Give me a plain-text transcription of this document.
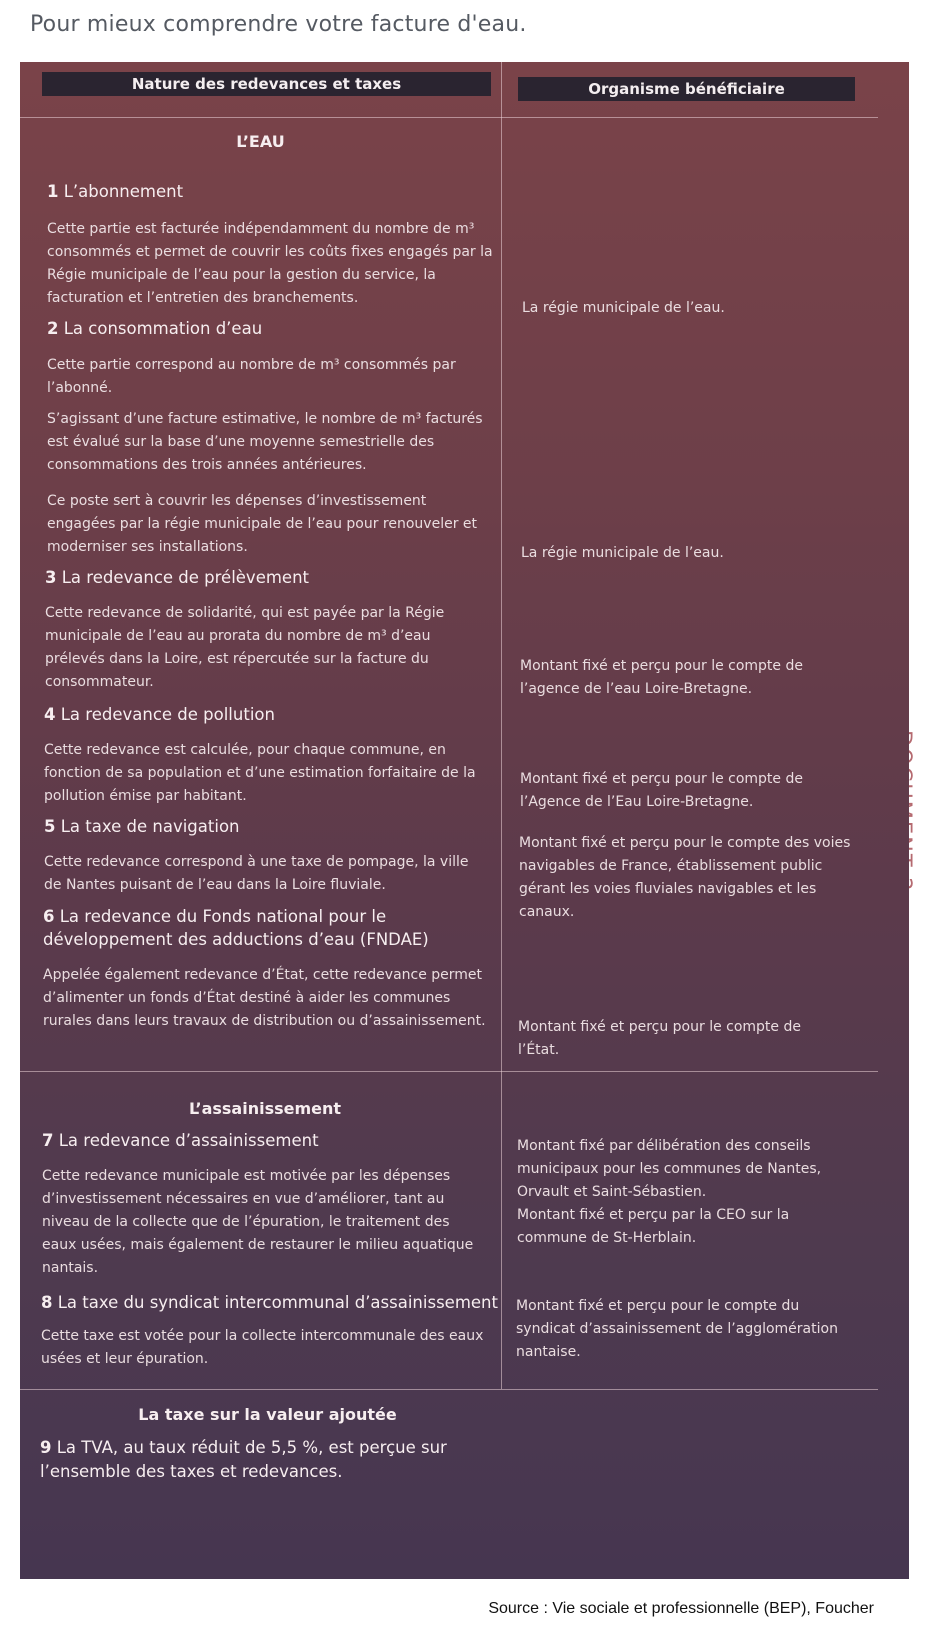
Pour mieux comprendre votre facture d'eau.
Nature des redevances et taxes	Organisme bénéficiaire
L’EAU
1 L’abonnement
Cette partie est facturée indépendamment du nombre de m³ consommés et permet de couvrir les coûts fixes engagés par la Régie municipale de l’eau pour la gestion du service, la facturation et l’entretien des branchements.
La régie municipale de l’eau.
2 La consommation d’eau
Cette partie correspond au nombre de m³ consommés par l’abonné.
S’agissant d’une facture estimative, le nombre de m³ facturés est évalué sur la base d’une moyenne semestrielle des consommations des trois années antérieures.
Ce poste sert à couvrir les dépenses d’investissement engagées par la régie municipale de l’eau pour renouveler et moderniser ses installations.	La régie municipale de l’eau.
3 La redevance de prélèvement
Cette redevance de solidarité, qui est payée par la Régie municipale de l’eau au prorata du nombre de m³ d’eau prélevés dans la Loire, est répercutée sur la facture du consommateur.
Montant fixé et perçu pour le compte de l’agence de l’eau Loire-Bretagne.
4 La redevance de pollution
Cette redevance est calculée, pour chaque commune, en fonction de sa population et d’une estimation forfaitaire de la pollution émise par habitant.
Montant fixé et perçu pour le compte de l’Agence de l’Eau Loire-Bretagne.
5 La taxe de navigation
Cette redevance correspond à une taxe de pompage, la ville de Nantes puisant de l’eau dans la Loire fluviale.
Montant fixé et perçu pour le compte des voies navigables de France, établissement public gérant les voies fluviales navigables et les canaux.
6 La redevance du Fonds national pour le développement des adductions d’eau (FNDAE)
Appelée également redevance d’État, cette redevance permet d’alimenter un fonds d’État destiné à aider les communes rurales dans leurs travaux de distribution ou d’assainissement. Montant fixé et perçu pour le compte de l’État.
L’assainissement
7 La redevance d’assainissement
Cette redevance municipale est motivée par les dépenses d’investissement nécessaires en vue d’améliorer, tant au niveau de la collecte que de l’épuration, le traitement des eaux usées, mais également de restaurer le milieu aquatique nantais.
Montant fixé par délibération des conseils municipaux pour les communes de Nantes, Orvault et Saint-Sébastien.
Montant fixé et perçu par la CEO sur la commune de St-Herblain.
8 La taxe du syndicat intercommunal d’assainissement
Cette taxe est votée pour la collecte intercommunale des eaux usées et leur épuration.
Montant fixé et perçu pour le compte du syndicat d’assainissement de l’agglomération nantaise.
La taxe sur la valeur ajoutée
9 La TVA, au taux réduit de 5,5 %, est perçue sur l’ensemble des taxes et redevances.
Source : Vie sociale et professionnelle (BEP), Foucher
